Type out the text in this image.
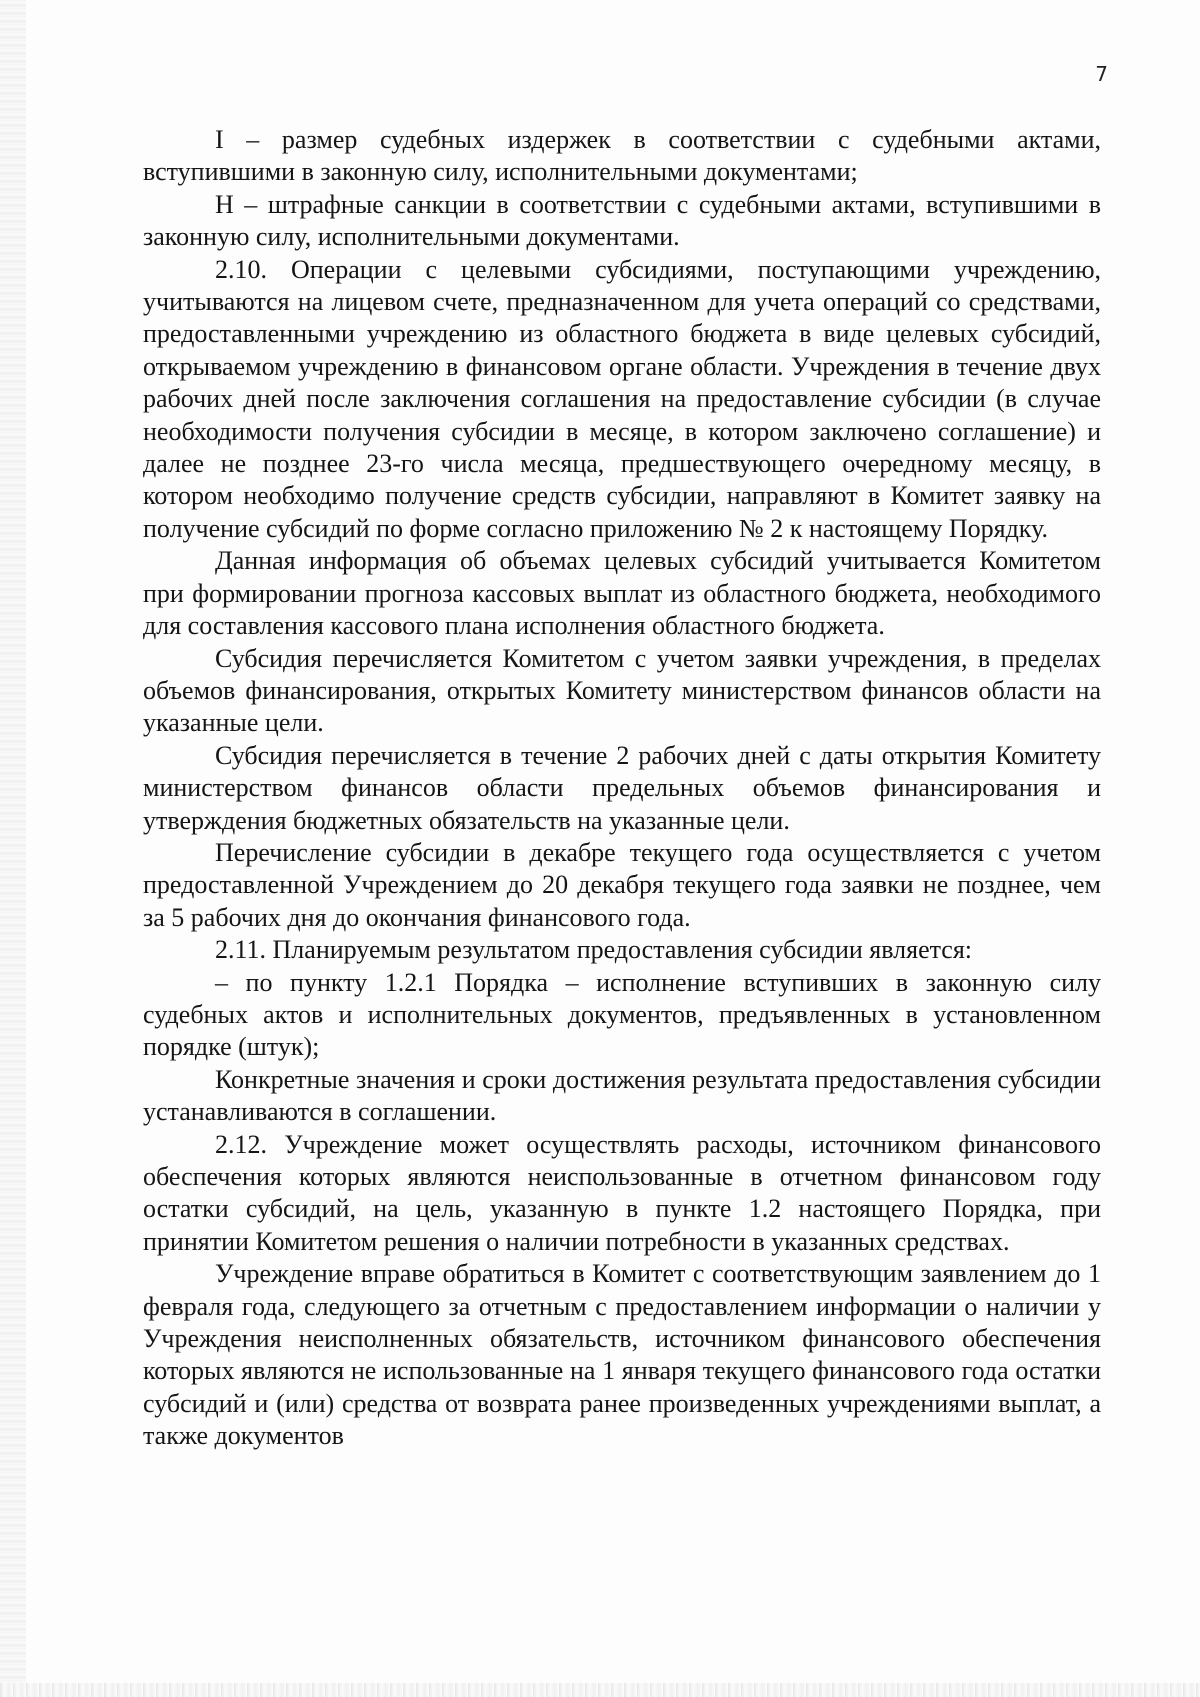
7

I – размер судебных издержек в соответствии с судебными актами, вступившими в законную силу, исполнительными документами;

Н – штрафные санкции в соответствии с судебными актами, вступившими в законную силу, исполнительными документами.

2.10. Операции с целевыми субсидиями, поступающими учреждению, учитываются на лицевом счете, предназначенном для учета операций со средствами, предоставленными учреждению из областного бюджета в виде целевых субсидий, открываемом учреждению в финансовом органе области. Учреждения в течение двух рабочих дней после заключения соглашения на предоставление субсидии (в случае необходимости получения субсидии в месяце, в котором заключено соглашение) и далее не позднее 23-го числа месяца, предшествующего очередному месяцу, в котором необходимо получение средств субсидии, направляют в Комитет заявку на получение субсидий по форме согласно приложению № 2 к настоящему Порядку.

Данная информация об объемах целевых субсидий учитывается Комитетом при формировании прогноза кассовых выплат из областного бюджета, необходимого для составления кассового плана исполнения областного бюджета.

Субсидия перечисляется Комитетом с учетом заявки учреждения, в пределах объемов финансирования, открытых Комитету министерством финансов области на указанные цели.

Субсидия перечисляется в течение 2 рабочих дней с даты открытия Комитету министерством финансов области предельных объемов финансирования и утверждения бюджетных обязательств на указанные цели.

Перечисление субсидии в декабре текущего года осуществляется с учетом предоставленной Учреждением до 20 декабря текущего года заявки не позднее, чем за 5 рабочих дня до окончания финансового года.

2.11. Планируемым результатом предоставления субсидии является:

– по пункту 1.2.1 Порядка – исполнение вступивших в законную силу судебных актов и исполнительных документов, предъявленных в установленном порядке (штук);

Конкретные значения и сроки достижения результата предоставления субсидии устанавливаются в соглашении.

2.12. Учреждение может осуществлять расходы, источником финансового обеспечения которых являются неиспользованные в отчетном финансовом году остатки субсидий, на цель, указанную в пункте 1.2 настоящего Порядка, при принятии Комитетом решения о наличии потребности в указанных средствах.

Учреждение вправе обратиться в Комитет с соответствующим заявлением до 1 февраля года, следующего за отчетным с предоставлением информации о наличии у Учреждения неисполненных обязательств, источником финансового обеспечения которых являются не использованные на 1 января текущего финансового года остатки субсидий и (или) средства от возврата ранее произведенных учреждениями выплат, а также документов
